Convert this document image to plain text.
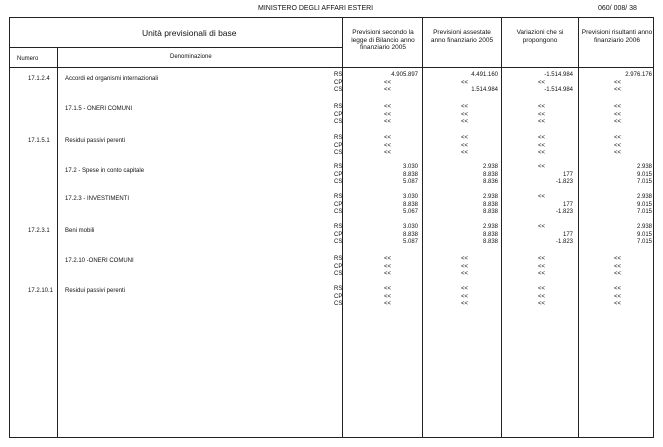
MINISTERO DEGLI AFFARI ESTERI	060/ 008/ 38
Unità previsionali di base
Numero	Denominazione
Previsioni secondo la legge di Bilancio anno finanziario 2005
Previsioni assestate anno finanziario 2005
Variazioni che si propongono
Previsioni risultanti anno finanziario 2006
17.1.2.4	Accordi ed organismi internazionali
RS	4.905.897	4.491.160	-1.514.984	2.976.176
CP	<<	<<	<<	<<
CS	<<	1.514.984	-1.514.984	<<
17.1.5 - ONERI COMUNI	RS	<<	<<	<<	<<
CP	<<	<<	<<	<<
CS	<<	<<	<<	<<
17.1.5.1	Residui passivi perenti	RS	<<	<<	<<	<<
CP	<<	<<	<<	<<
CS	<<	<<	<<	<<
17.2 - Spese in conto capitale
RS	3.030	2.938	<<	2.938
CP	8.838	8.838	177	9.015
CS	5.087	8.836	-1.823	7.015
17.2.3 - INVESTIMENTI	RS	3.030	2.938	<<	2.938
CP	8.838	8.838	177	9.015
CS	5.067	8.838	-1.823	7.015
17.2.3.1	Beni mobili
RS	3.030	2.938	<<	2.938
CP	8.838	8.838	177	9.015
CS	5.087	8.838	-1.823	7.015
17.2.10 -ONERI COMUNI	RS	<<	<<	<<	<<
CP	<<	<<	<<	<<
CS	<<	<<	<<	<<
17.2.10.1 Residui passivi perenti	RS	<<	<<	<<	<<
CP	<<	<<	<<	<<
CS	<<	<<	<<	<<
